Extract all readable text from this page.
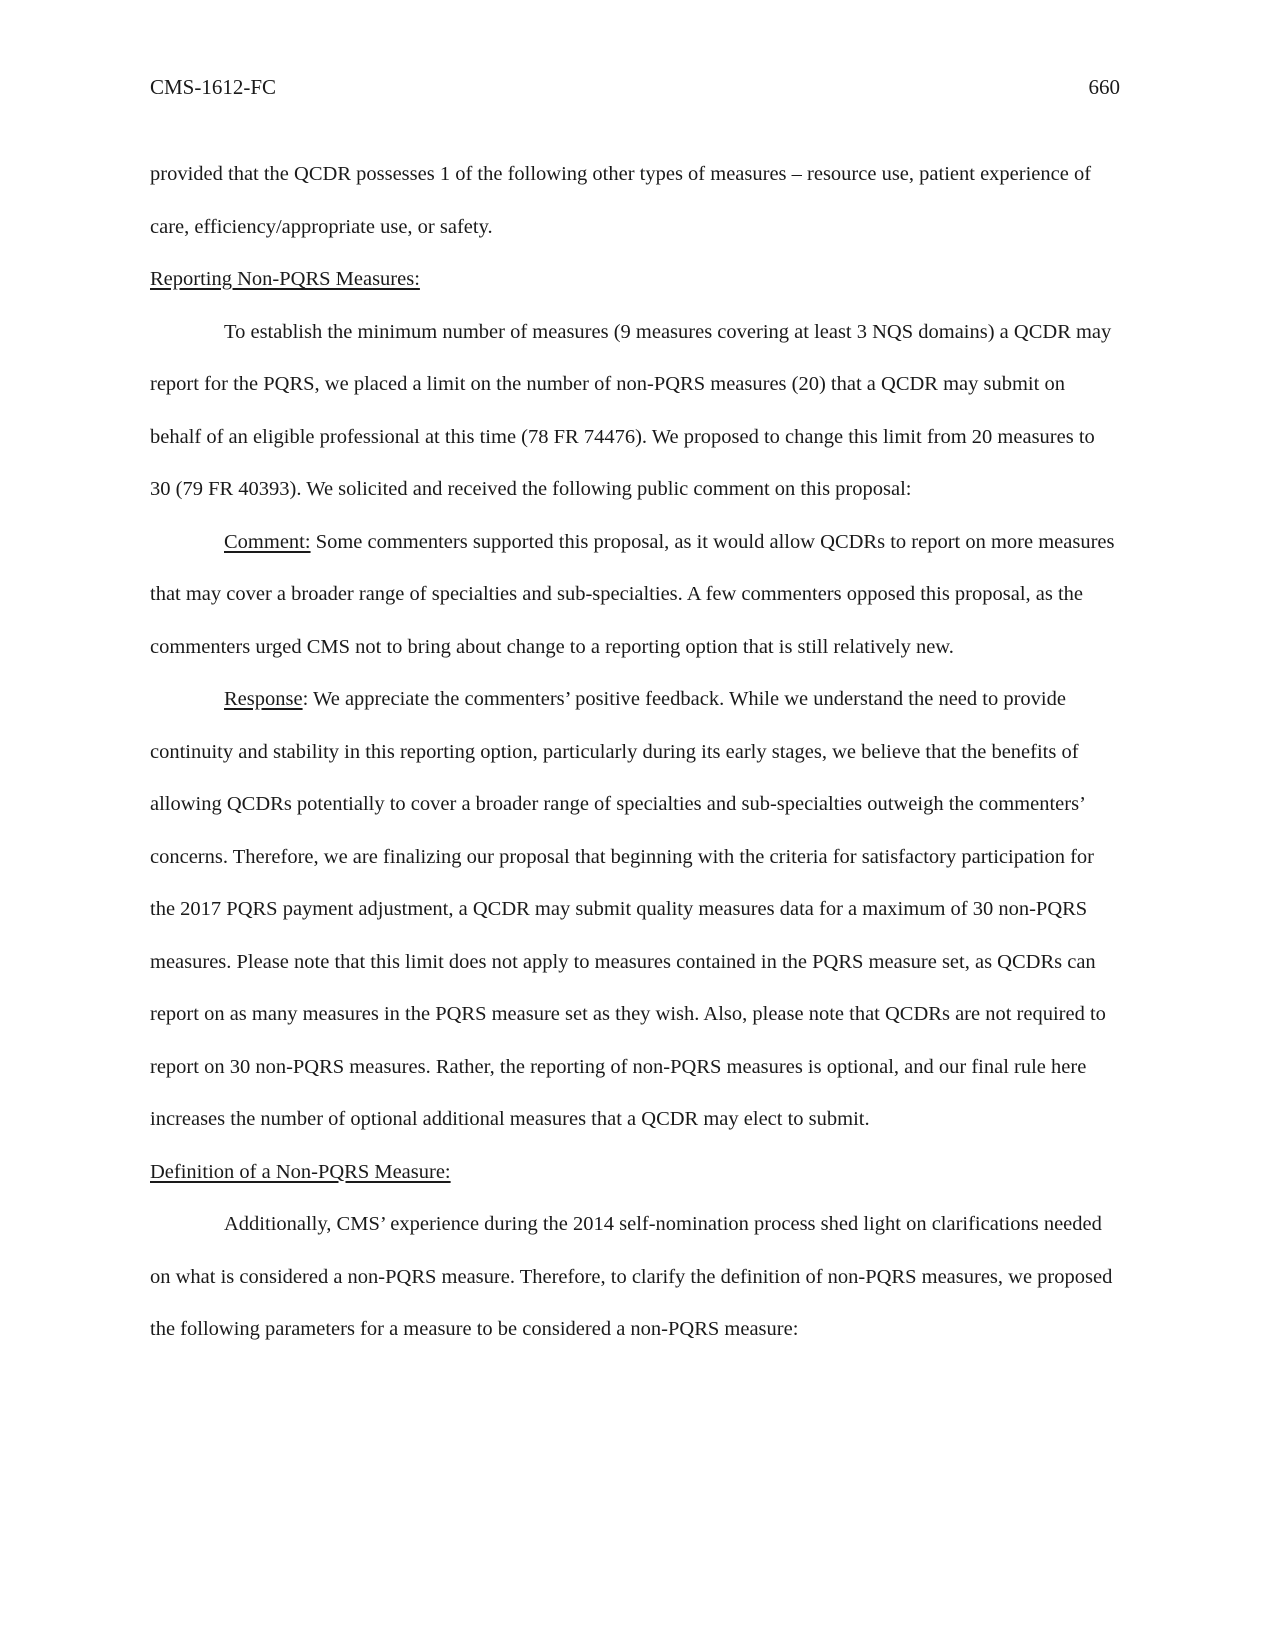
CMS-1612-FC	660

provided that the QCDR possesses 1 of the following other types of measures – resource use, patient experience of care, efficiency/appropriate use, or safety.

Reporting Non-PQRS Measures:

To establish the minimum number of measures (9 measures covering at least 3 NQS domains) a QCDR may report for the PQRS, we placed a limit on the number of non-PQRS measures (20) that a QCDR may submit on behalf of an eligible professional at this time (78 FR 74476). We proposed to change this limit from 20 measures to 30 (79 FR 40393). We solicited and received the following public comment on this proposal:

Comment: Some commenters supported this proposal, as it would allow QCDRs to report on more measures that may cover a broader range of specialties and sub-specialties. A few commenters opposed this proposal, as the commenters urged CMS not to bring about change to a reporting option that is still relatively new.

Response: We appreciate the commenters’ positive feedback. While we understand the need to provide continuity and stability in this reporting option, particularly during its early stages, we believe that the benefits of allowing QCDRs potentially to cover a broader range of specialties and sub-specialties outweigh the commenters’ concerns. Therefore, we are finalizing our proposal that beginning with the criteria for satisfactory participation for the 2017 PQRS payment adjustment, a QCDR may submit quality measures data for a maximum of 30 non-PQRS measures. Please note that this limit does not apply to measures contained in the PQRS measure set, as QCDRs can report on as many measures in the PQRS measure set as they wish. Also, please note that QCDRs are not required to report on 30 non-PQRS measures. Rather, the reporting of non-PQRS measures is optional, and our final rule here increases the number of optional additional measures that a QCDR may elect to submit.

Definition of a Non-PQRS Measure:

Additionally, CMS’ experience during the 2014 self-nomination process shed light on clarifications needed on what is considered a non-PQRS measure. Therefore, to clarify the definition of non-PQRS measures, we proposed the following parameters for a measure to be considered a non-PQRS measure:
